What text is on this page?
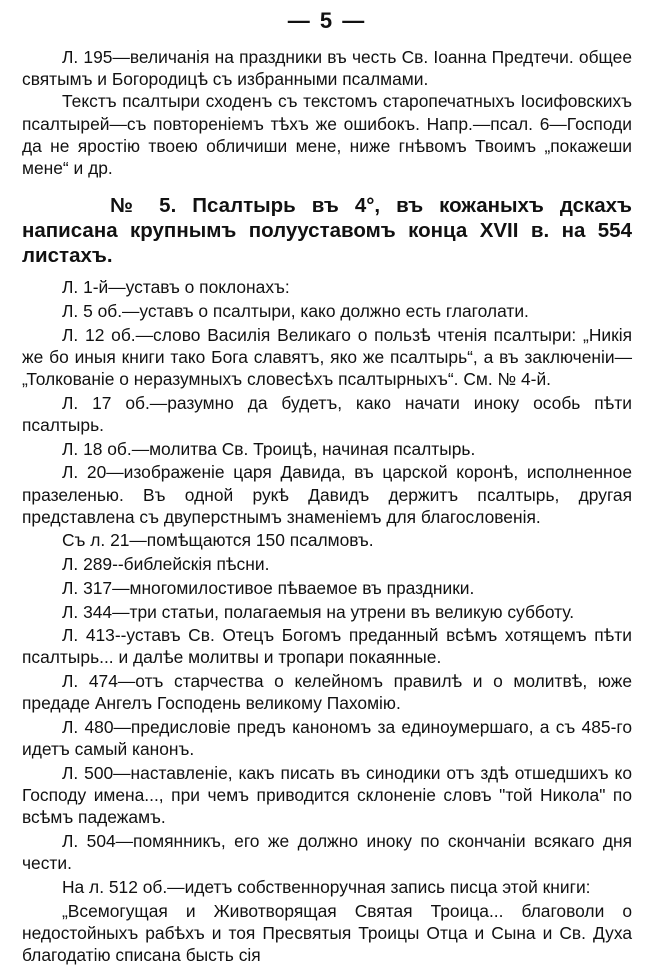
— 5 —

Л. 195—величанія на праздники въ честь Св. Іоанна Предтечи. общее святымъ и Богородицѣ съ избранными псалмами.

Текстъ псалтыри сходенъ съ текстомъ старопечатныхъ Іосифовскихъ псалтырей—съ повтореніемъ тѣхъ же ошибокъ. Напр.—псал. 6—Господи да не яростію твоею обличиши мене, ниже гнѣвомъ Твоимъ „покажеши мене“ и др.

№ 5. Псалтырь въ 4°, въ кожаныхъ дскахъ написана крупнымъ полууставомъ конца XVII в. на 554 листахъ.

Л. 1-й—уставъ о поклонахъ:

Л. 5 об.—уставъ о псалтыри, како должно есть глаголати.

Л. 12 об.—слово Василія Великаго о пользѣ чтенія псалтыри: „Никія же бо иныя книги тако Бога славятъ, яко же псалтырь“, а въ заключеніи—„Толкованіе о неразумныхъ словесѣхъ псалтырныхъ“. См. № 4-й.

Л. 17 об.—разумно да будетъ, како начати иноку особь пѣти псалтырь.

Л. 18 об.—молитва Св. Троицѣ, начиная псалтырь.

Л. 20—изображеніе царя Давида, въ царской коронѣ, исполненное празеленью. Въ одной рукѣ Давидъ держитъ псалтырь, другая представлена съ двуперстнымъ знаменіемъ для благословенія.

Съ л. 21—помѣщаются 150 псалмовъ.

Л. 289--библейскія пѣсни.

Л. 317—многомилостивое пѣваемое въ праздники.

Л. 344—три статьи, полагаемыя на утрени въ великую субботу.

Л. 413--уставъ Св. Отецъ Богомъ преданный всѣмъ хотящемъ пѣти псалтырь... и далѣе молитвы и тропари покаянные.

Л. 474—отъ старчества о келейномъ правилѣ и о молитвѣ, юже предаде Ангелъ Господень великому Пахомію.

Л. 480—предисловіе предъ канономъ за единоумершаго, а съ 485-го идетъ самый канонъ.

Л. 500—наставленіе, какъ писать въ синодики отъ здѣ отшедшихъ ко Господу имена..., при чемъ приводится склоненіе словъ "той Никола" по всѣмъ падежамъ.

Л. 504—помянникъ, его же должно иноку по скончаніи всякаго дня чести.

На л. 512 об.—идетъ собственноручная запись писца этой книги:

„Всемогущая и Животворящая Святая Троица... благоволи о недостойныхъ рабѣхъ и тоя Пресвятыя Троицы Отца и Сына и Св. Духа благодатію списана бысть сія
